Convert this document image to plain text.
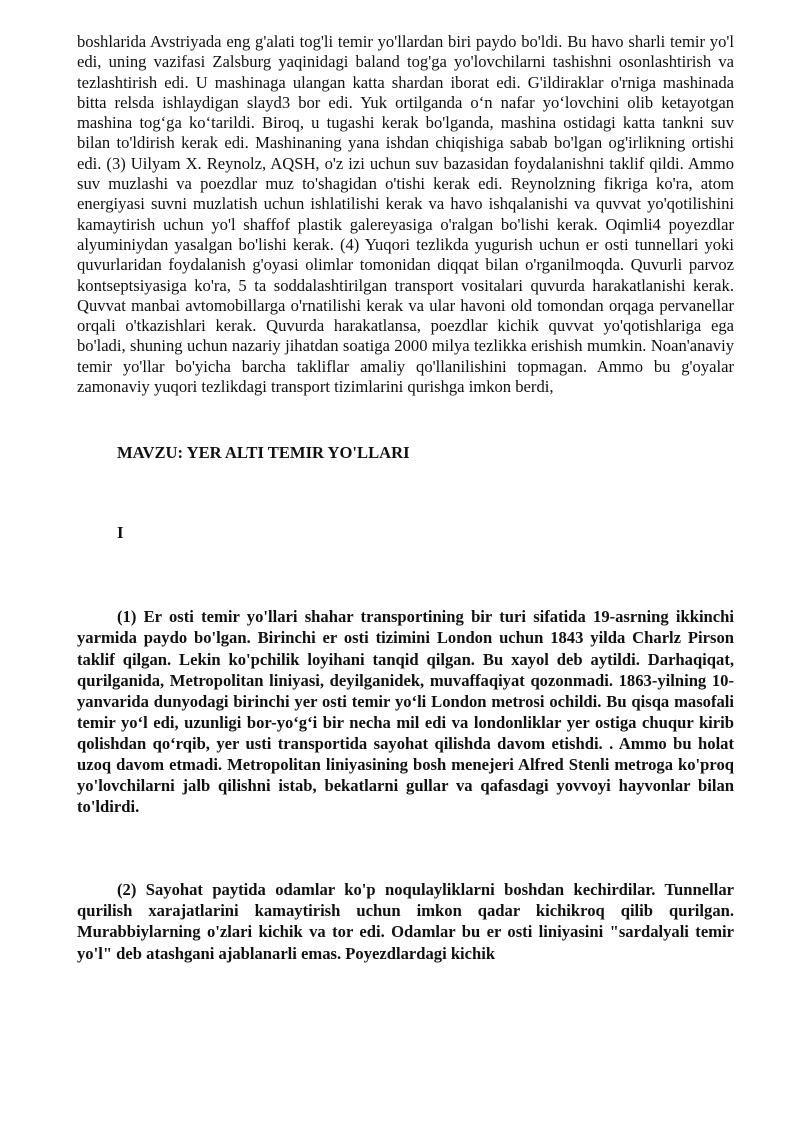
boshlarida Avstriyada eng g'alati tog'li temir yo'llardan biri paydo bo'ldi. Bu havo sharli temir yo'l edi, uning vazifasi Zalsburg yaqinidagi baland tog'ga yo'lovchilarni tashishni osonlashtirish va tezlashtirish edi. U mashinaga ulangan katta shardan iborat edi. G'ildiraklar o'rniga mashinada bitta relsda ishlaydigan slayd3 bor edi. Yuk ortilganda o‘n nafar yo‘lovchini olib ketayotgan mashina tog‘ga ko‘tarildi. Biroq, u tugashi kerak bo'lganda, mashina ostidagi katta tankni suv bilan to'ldirish kerak edi. Mashinaning yana ishdan chiqishiga sabab bo'lgan og'irlikning ortishi edi. (3) Uilyam X. Reynolz, AQSH, o'z izi uchun suv bazasidan foydalanishni taklif qildi. Ammo suv muzlashi va poezdlar muz to'shagidan o'tishi kerak edi. Reynolzning fikriga ko'ra, atom energiyasi suvni muzlatish uchun ishlatilishi kerak va havo ishqalanishi va quvvat yo'qotilishini kamaytirish uchun yo'l shaffof plastik galereyasiga o'ralgan bo'lishi kerak. Oqimli4 poyezdlar alyuminiydan yasalgan bo'lishi kerak. (4) Yuqori tezlikda yugurish uchun er osti tunnellari yoki quvurlaridan foydalanish g'oyasi olimlar tomonidan diqqat bilan o'rganilmoqda. Quvurli parvoz kontseptsiyasiga ko'ra, 5 ta soddalashtirilgan transport vositalari quvurda harakatlanishi kerak. Quvvat manbai avtomobillarga o'rnatilishi kerak va ular havoni old tomondan orqaga pervanellar orqali o'tkazishlari kerak. Quvurda harakatlansa, poezdlar kichik quvvat yo'qotishlariga ega bo'ladi, shuning uchun nazariy jihatdan soatiga 2000 milya tezlikka erishish mumkin. Noan'anaviy temir yo'llar bo'yicha barcha takliflar amaliy qo'llanilishini topmagan. Ammo bu g'oyalar zamonaviy yuqori tezlikdagi transport tizimlarini qurishga imkon berdi,

MAVZU: YER ALTI TEMIR YO'LLARI
I

(1) Er osti temir yo'llari shahar transportining bir turi sifatida 19-asrning ikkinchi yarmida paydo bo'lgan. Birinchi er osti tizimini London uchun 1843 yilda Charlz Pirson taklif qilgan. Lekin ko'pchilik loyihani tanqid qilgan. Bu xayol deb aytildi. Darhaqiqat, qurilganida, Metropolitan liniyasi, deyilganidek, muvaffaqiyat qozonmadi. 1863-yilning 10-yanvarida dunyodagi birinchi yer osti temir yo‘li London metrosi ochildi. Bu qisqa masofali temir yo‘l edi, uzunligi bor-yo‘g‘i bir necha mil edi va londonliklar yer ostiga chuqur kirib qolishdan qo‘rqib, yer usti transportida sayohat qilishda davom etishdi. . Ammo bu holat uzoq davom etmadi. Metropolitan liniyasining bosh menejeri Alfred Stenli metroga ko'proq yo'lovchilarni jalb qilishni istab, bekatlarni gullar va qafasdagi yovvoyi hayvonlar bilan to'ldirdi.

(2) Sayohat paytida odamlar ko'p noqulayliklarni boshdan kechirdilar. Tunnellar qurilish xarajatlarini kamaytirish uchun imkon qadar kichikroq qilib qurilgan. Murabbiylarning o'zlari kichik va tor edi. Odamlar bu er osti liniyasini "sardalyali temir yo'l" deb atashgani ajablanarli emas. Poyezdlardagi kichik
